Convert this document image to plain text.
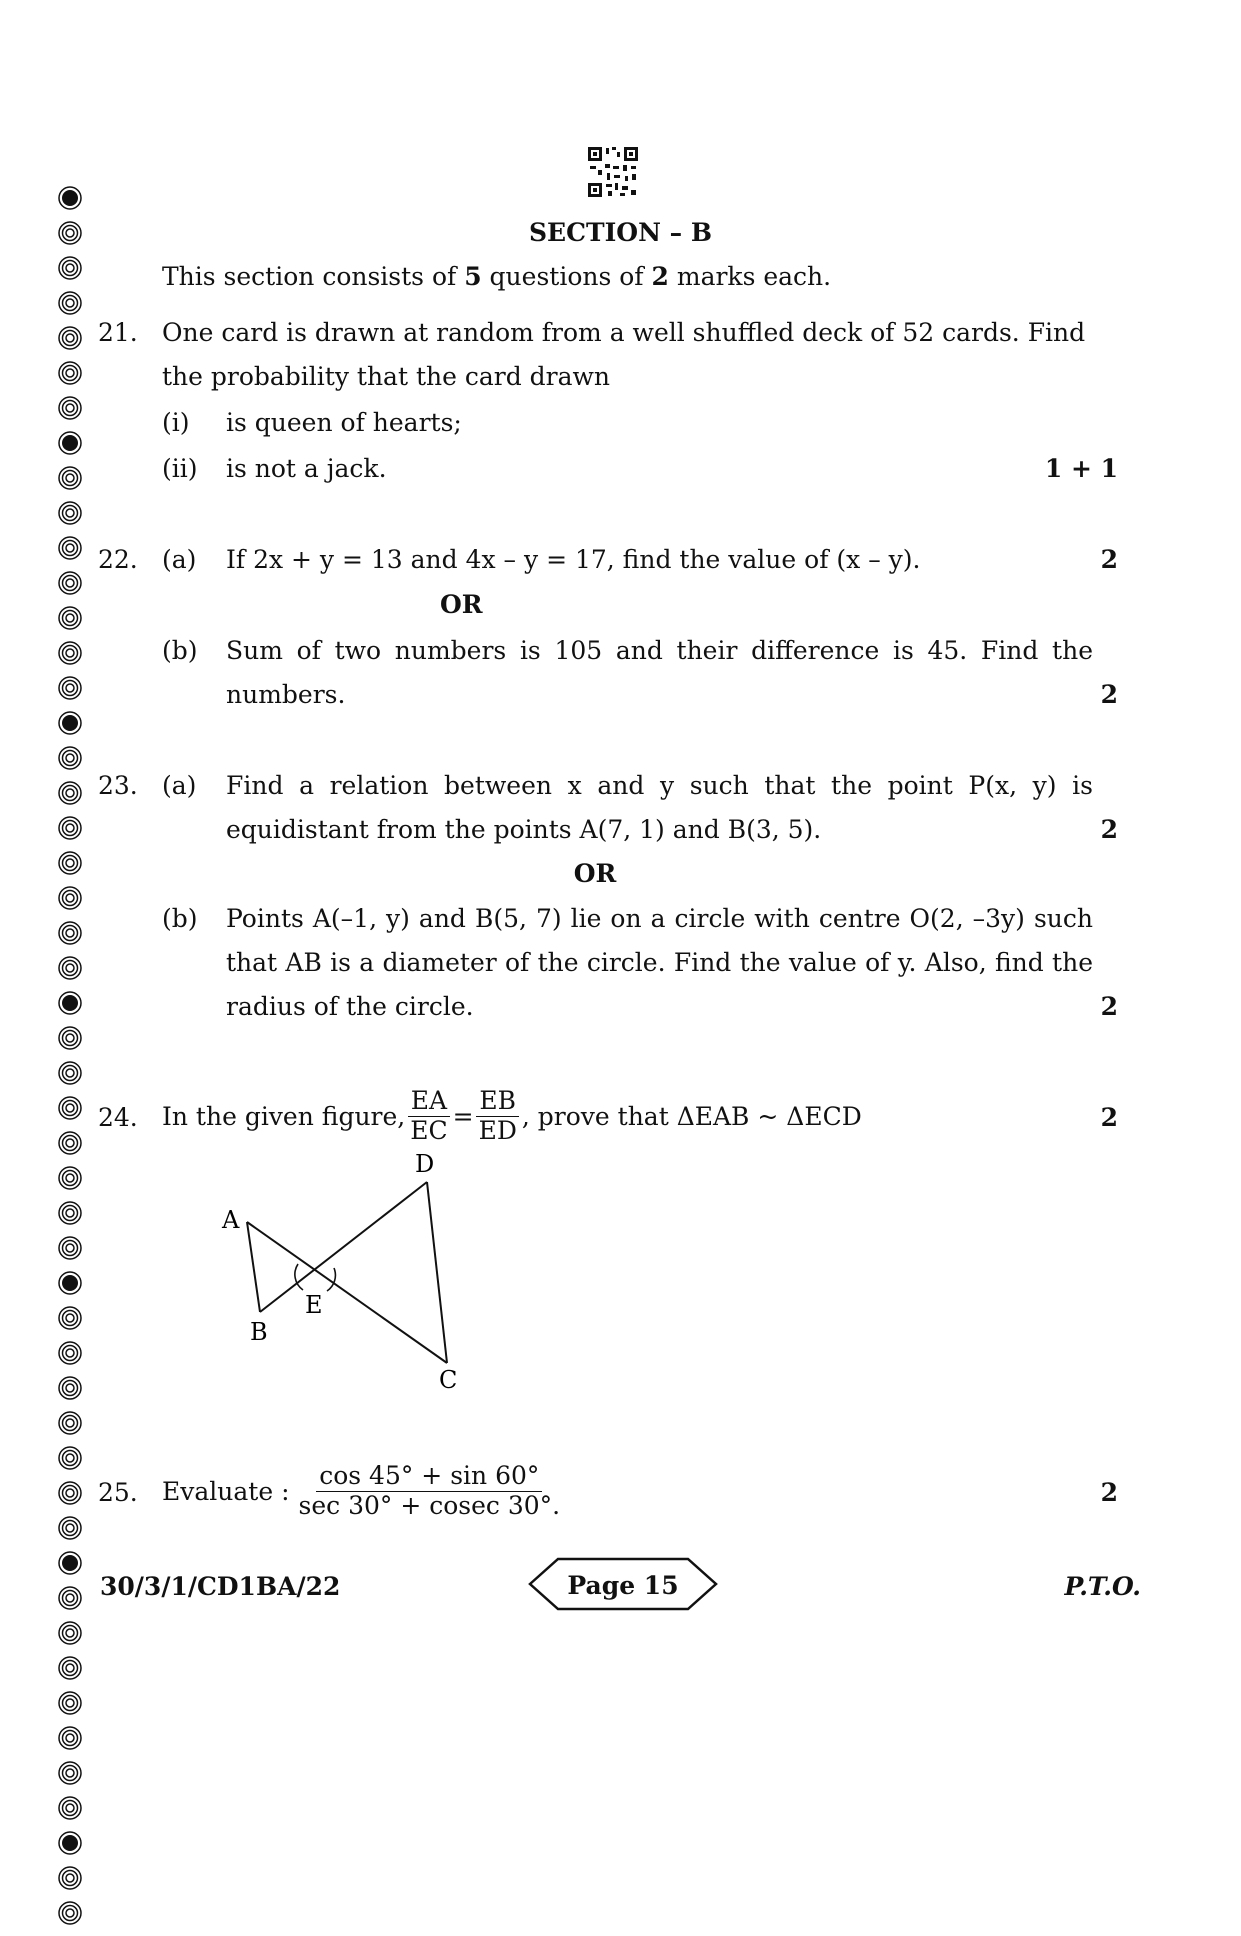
SECTION – B
This section consists of 5 questions of 2 marks each.
21. One card is drawn at random from a well shuffled deck of 52 cards. Find
the probability that the card drawn
(i) is queen of hearts;
(ii) is not a jack.	1 + 1
22. (a) If 2x + y = 13 and 4x – y = 17, find the value of (x – y).	2
OR
(b) Sum of two numbers is 105 and their difference is 45. Find the
numbers.	2
23. (a) Find a relation between x and y such that the point P(x, y) is
equidistant from the points A(7, 1) and B(3, 5).	2
OR
(b) Points A(–1, y) and B(5, 7) lie on a circle with centre O(2, –3y) such
that AB is a diameter of the circle. Find the value of y. Also, find the
radius of the circle.	2
24. In the given figure, $\frac{EA}{EC} = \frac{EB}{ED}$ , prove that ΔEAB ~ ΔECD	2
A
B
C
D
E
25. Evaluate : $\frac{\cos 45^\circ + \sin 60^\circ}{\sec 30^\circ + cosec 30^\circ.}$	2
30/3/1/CD1BA/22	Page 15	P.T.O.
